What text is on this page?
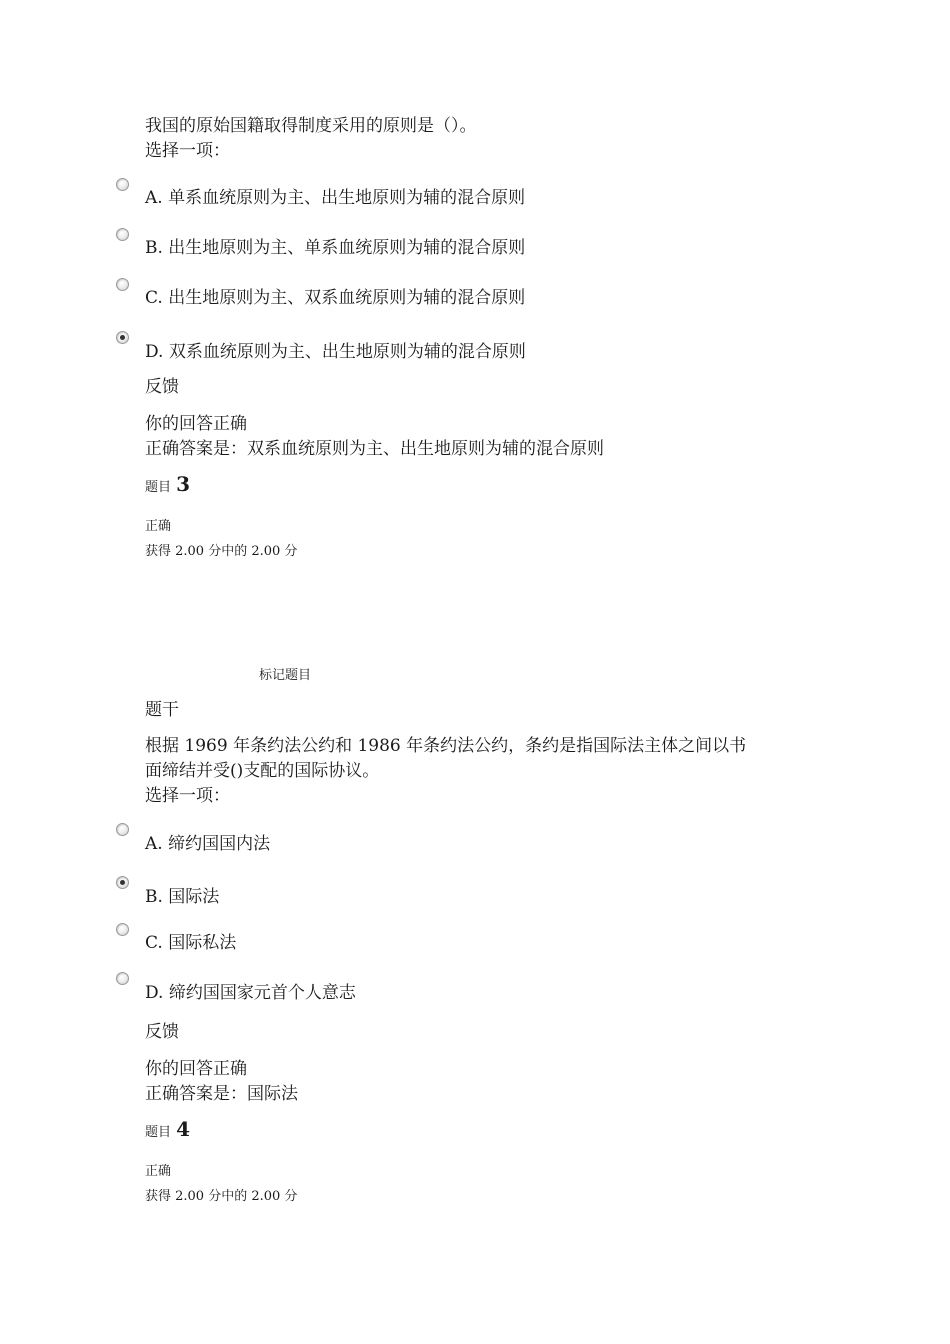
我国的原始国籍取得制度采用的原则是（）。
选择一项：
A. 单系血统原则为主、出生地原则为辅的混合原则
B. 出生地原则为主、单系血统原则为辅的混合原则
C. 出生地原则为主、双系血统原则为辅的混合原则
D. 双系血统原则为主、出生地原则为辅的混合原则
反馈
你的回答正确
正确答案是：双系血统原则为主、出生地原则为辅的混合原则
题目 3
正确
获得 2.00 分中的 2.00 分
标记题目
题干
根据 1969 年条约法公约和 1986 年条约法公约，条约是指国际法主体之间以书
面缔结并受()支配的国际协议。
选择一项：
A. 缔约国国内法
B. 国际法
C. 国际私法
D. 缔约国国家元首个人意志
反馈
你的回答正确
正确答案是：国际法
题目 4
正确
获得 2.00 分中的 2.00 分
